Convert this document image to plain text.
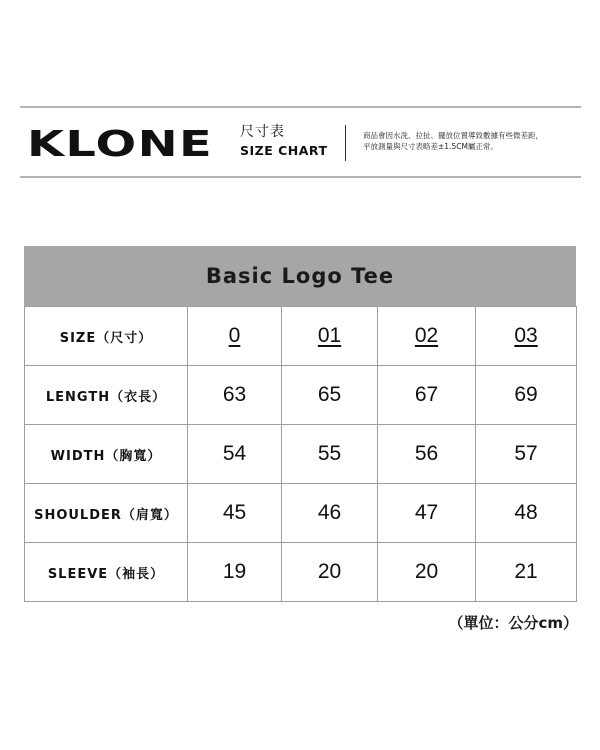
KLONE 尺寸表
SIZE CHART
商品會因水洗、拉扯、擺放位置導致數據有些微差距，
平放測量與尺寸表略差±1.5CM屬正常。
Basic Logo Tee
SIZE（尺寸）	0	01	02	03
LENGTH（衣長）	63	65	67	69
WIDTH（胸寬）	54	55	56	57
SHOULDER（肩寬）	45	46	47	48
SLEEVE（袖長）	19	20	20	21
（單位：公分cm）
